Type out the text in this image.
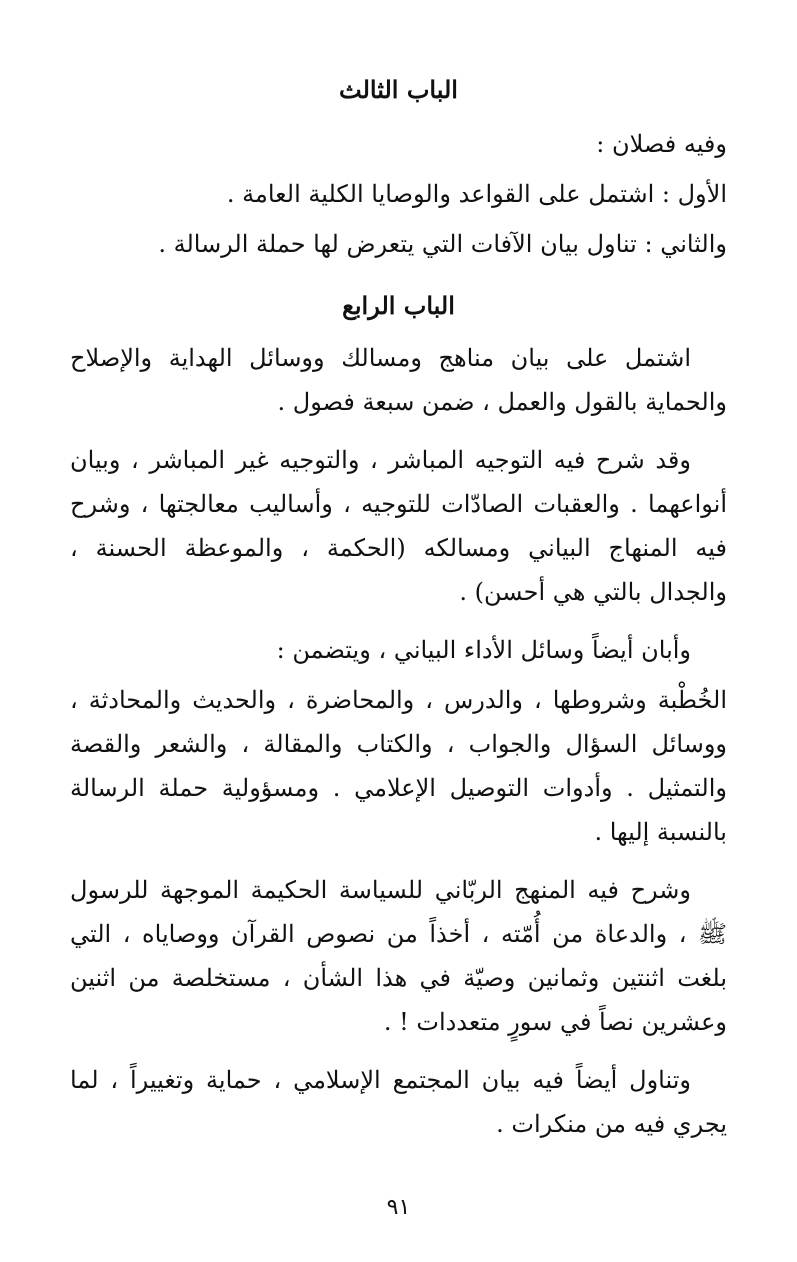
الباب الثالث

وفيه فصلان :

الأول : اشتمل على القواعد والوصايا الكلية العامة .

والثاني : تناول بيان الآفات التي يتعرض لها حملة الرسالة .

الباب الرابع

اشتمل على بيان مناهج ومسالك ووسائل الهداية والإصلاح والحماية بالقول والعمل ، ضمن سبعة فصول .

وقد شرح فيه التوجيه المباشر ، والتوجيه غير المباشر ، وبيان أنواعهما . والعقبات الصادّات للتوجيه ، وأساليب معالجتها ، وشرح فيه المنهاج البياني ومسالكه (الحكمة ، والموعظة الحسنة ، والجدال بالتي هي أحسن) .

وأبان أيضاً وسائل الأداء البياني ، ويتضمن :

الخُطْبة وشروطها ، والدرس ، والمحاضرة ، والحديث والمحادثة ، ووسائل السؤال والجواب ، والكتاب والمقالة ، والشعر والقصة والتمثيل . وأدوات التوصيل الإعلامي . ومسؤولية حملة الرسالة بالنسبة إليها .

وشرح فيه المنهج الربّاني للسياسة الحكيمة الموجهة للرسول ﷺ ، والدعاة من أُمّته ، أخذاً من نصوص القرآن ووصاياه ، التي بلغت اثنتين وثمانين وصيّة في هذا الشأن ، مستخلصة من اثنين وعشرين نصاً في سورٍ متعددات ! .

وتناول أيضاً فيه بيان المجتمع الإسلامي ، حماية وتغييراً ، لما يجري فيه من منكرات .

٩١
